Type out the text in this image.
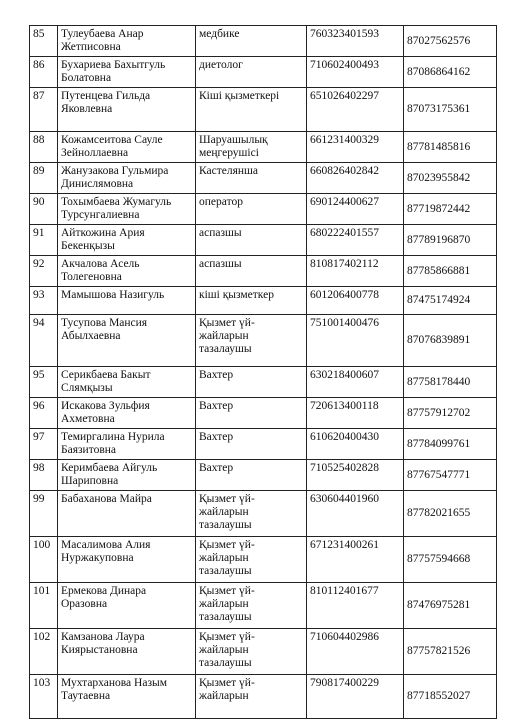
85	Тулеубаева Анар Жетписовна	медбике	760323401593	87027562576
86	Бухариева Бахытгуль Болатовна	диетолог	710602400493	87086864162
87	Путенцева Гильда Яковлевна	Кіші қызметкері	651026402297	87073175361
88	Кожамсеитова Сауле Зейноллаевна	Шаруашылық меңгерушісі	661231400329	87781485816
89	Жанузакова Гульмира Динислямовна	Кастеляншa	660826402842	87023955842
90	Тохымбаева Жумагуль Турсунгалиевна	оператор	690124400627	87719872442
91	Айткожина Ария Бекенқызы	аспазшы	680222401557	87789196870
92	Акчалова Асель Толегеновна	аспазшы	810817402112	87785866881
93	Мамышова Назигуль	кіші қызметкер	601206400778	87475174924
94	Тусупова Мансия Абылхаевна	Қызмет үй-жайларын тазалаушы	751001400476	87076839891
95	Серикбаева Бакыт Слямқызы	Вахтер	630218400607	87758178440
96	Искакова Зульфия Ахметовна	Вахтер	720613400118	87757912702
97	Темиргалина Нурила Баязитовна	Вахтер	610620400430	87784099761
98	Керимбаева Айгуль Шариповна	Вахтер	710525402828	87767547771
99	Бабаханова Майра	Қызмет үй-жайларын тазалаушы	630604401960	87782021655
100	Масалимова Алия Нуржакуповна	Қызмет үй-жайларын тазалаушы	671231400261	87757594668
101	Ермекова Динара Оразовна	Қызмет үй-жайларын тазалаушы	810112401677	87476975281
102	Камзанова Лаура Киярыстановна	Қызмет үй-жайларын тазалаушы	710604402986	87757821526
103	Мухтарханова Назым Таутаевна	Қызмет үй-жайларын	790817400229	87718552027
